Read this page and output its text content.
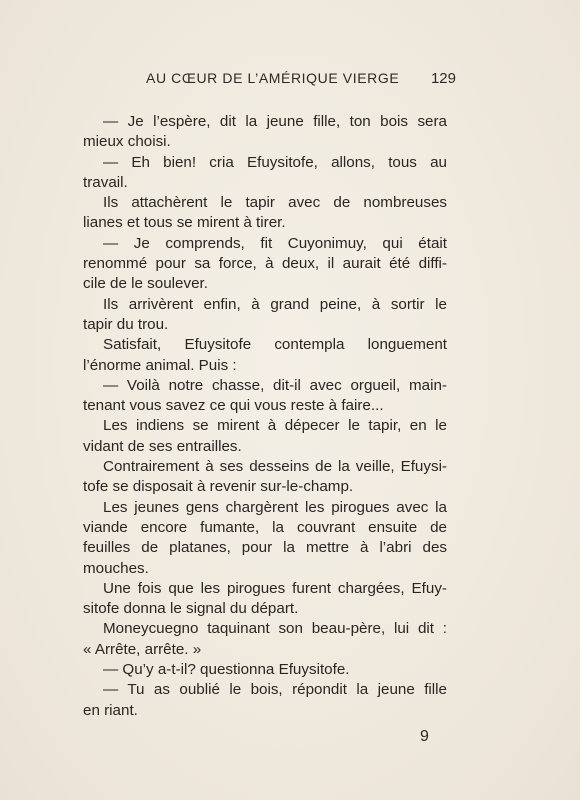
AU CŒUR DE L’AMÉRIQUE VIERGE 129
— Je l’espère, dit la jeune fille, ton bois sera
mieux choisi.
— Eh bien! cria Efuysitofe, allons, tous au
travail.
Ils attachèrent le tapir avec de nombreuses
lianes et tous se mirent à tirer.
— Je comprends, fit Cuyonimuy, qui était
renommé pour sa force, à deux, il aurait été diffi-
cile de le soulever.
Ils arrivèrent enfin, à grand peine, à sortir le
tapir du trou.
Satisfait, Efuysitofe contempla longuement
l’énorme animal. Puis :
— Voilà notre chasse, dit-il avec orgueil, main-
tenant vous savez ce qui vous reste à faire...
Les indiens se mirent à dépecer le tapir, en le
vidant de ses entrailles.
Contrairement à ses desseins de la veille, Efuysi-
tofe se disposait à revenir sur-le-champ.
Les jeunes gens chargèrent les pirogues avec la
viande encore fumante, la couvrant ensuite de
feuilles de platanes, pour la mettre à l’abri des
mouches.
Une fois que les pirogues furent chargées, Efuy-
sitofe donna le signal du départ.
Moneycuegno taquinant son beau-père, lui dit :
« Arrête, arrête. »
— Qu’y a-t-il? questionna Efuysitofe.
— Tu as oublié le bois, répondit la jeune fille
en riant.
9
